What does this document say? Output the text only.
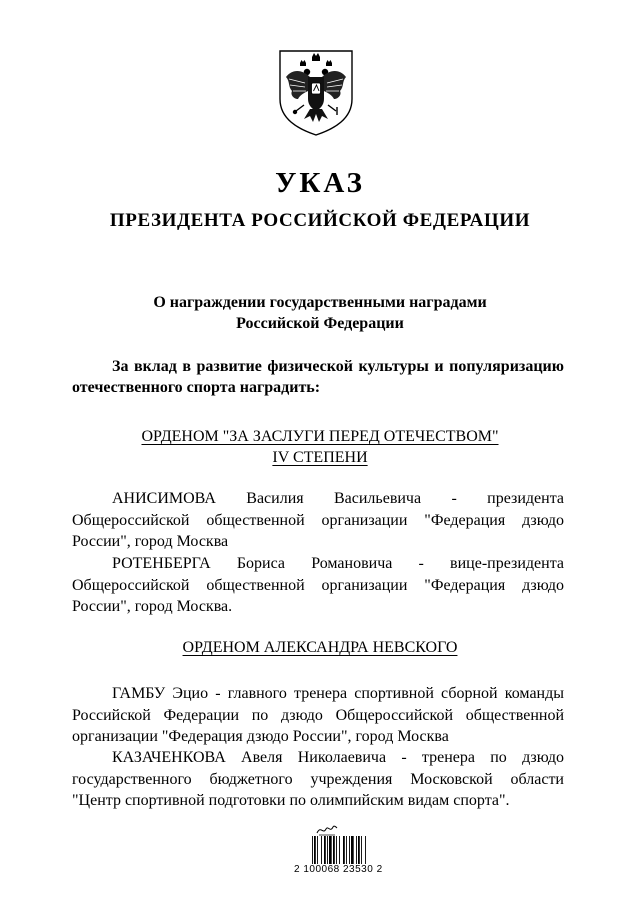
УКАЗ
ПРЕЗИДЕНТА РОССИЙСКОЙ ФЕДЕРАЦИИ
О награждении государственными наградами
Российской Федерации
За вклад в развитие физической культуры и популяризацию
отечественного спорта наградить:
ОРДЕНОМ "ЗА ЗАСЛУГИ ПЕРЕД ОТЕЧЕСТВОМ"
IV СТЕПЕНИ
АНИСИМОВА Василия Васильевича - президента
Общероссийской общественной организации "Федерация дзюдо
России", город Москва
РОТЕНБЕРГА Бориса Романовича - вице-президента
Общероссийской общественной организации "Федерация дзюдо
России", город Москва.
ОРДЕНОМ АЛЕКСАНДРА НЕВСКОГО
ГАМБУ Эцио - главного тренера спортивной сборной команды
Российской Федерации по дзюдо Общероссийской общественной
организации "Федерация дзюдо России", город Москва
КАЗАЧЕНКОВА Авеля Николаевича - тренера по дзюдо
государственного бюджетного учреждения Московской области
"Центр спортивной подготовки по олимпийским видам спорта".
2 100068 23530 2
